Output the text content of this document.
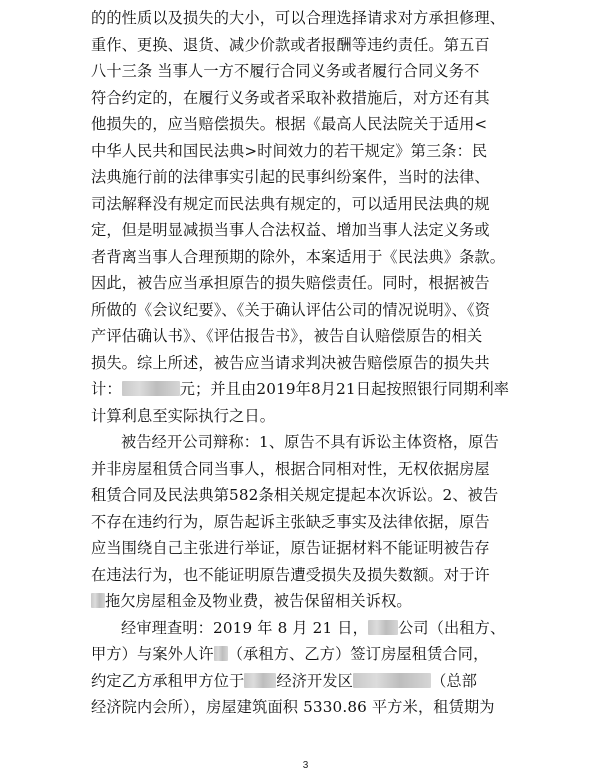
的的性质以及损失的大小，可以合理选择请求对方承担修理、
重作、更换、退货、减少价款或者报酬等违约责任。第五百
八十三条 当事人一方不履行合同义务或者履行合同义务不
符合约定的，在履行义务或者采取补救措施后，对方还有其
他损失的，应当赔偿损失。根据《最高人民法院关于适用<
中华人民共和国民法典>时间效力的若干规定》第三条：民
法典施行前的法律事实引起的民事纠纷案件，当时的法律、
司法解释没有规定而民法典有规定的，可以适用民法典的规
定，但是明显减损当事人合法权益、增加当事人法定义务或
者背离当事人合理预期的除外，本案适用于《民法典》条款。
因此，被告应当承担原告的损失赔偿责任。同时，根据被告
所做的《会议纪要》、《关于确认评估公司的情况说明》、《资
产评估确认书》、《评估报告书》，被告自认赔偿原告的相关
损失。综上所述，被告应当请求判决被告赔偿原告的损失共
计：	元；并且由2019年8月21日起按照银行同期利率
计算利息至实际执行之日。
被告经开公司辩称：1、原告不具有诉讼主体资格，原告
并非房屋租赁合同当事人，根据合同相对性，无权依据房屋
租赁合同及民法典第582条相关规定提起本次诉讼。2、被告
不存在违约行为，原告起诉主张缺乏事实及法律依据，原告
应当围绕自己主张进行举证，原告证据材料不能证明被告存
在违法行为，也不能证明原告遭受损失及损失数额。对于许
拖欠房屋租金及物业费，被告保留相关诉权。
经审理查明：2019 年 8 月 21 日， 公司（出租方、
甲方）与案外人许 （承租方、乙方）签订房屋租赁合同，
约定乙方承租甲方位于 经济开发区	（总部
经济院内会所），房屋建筑面积 5330.86 平方米，租赁期为
3
